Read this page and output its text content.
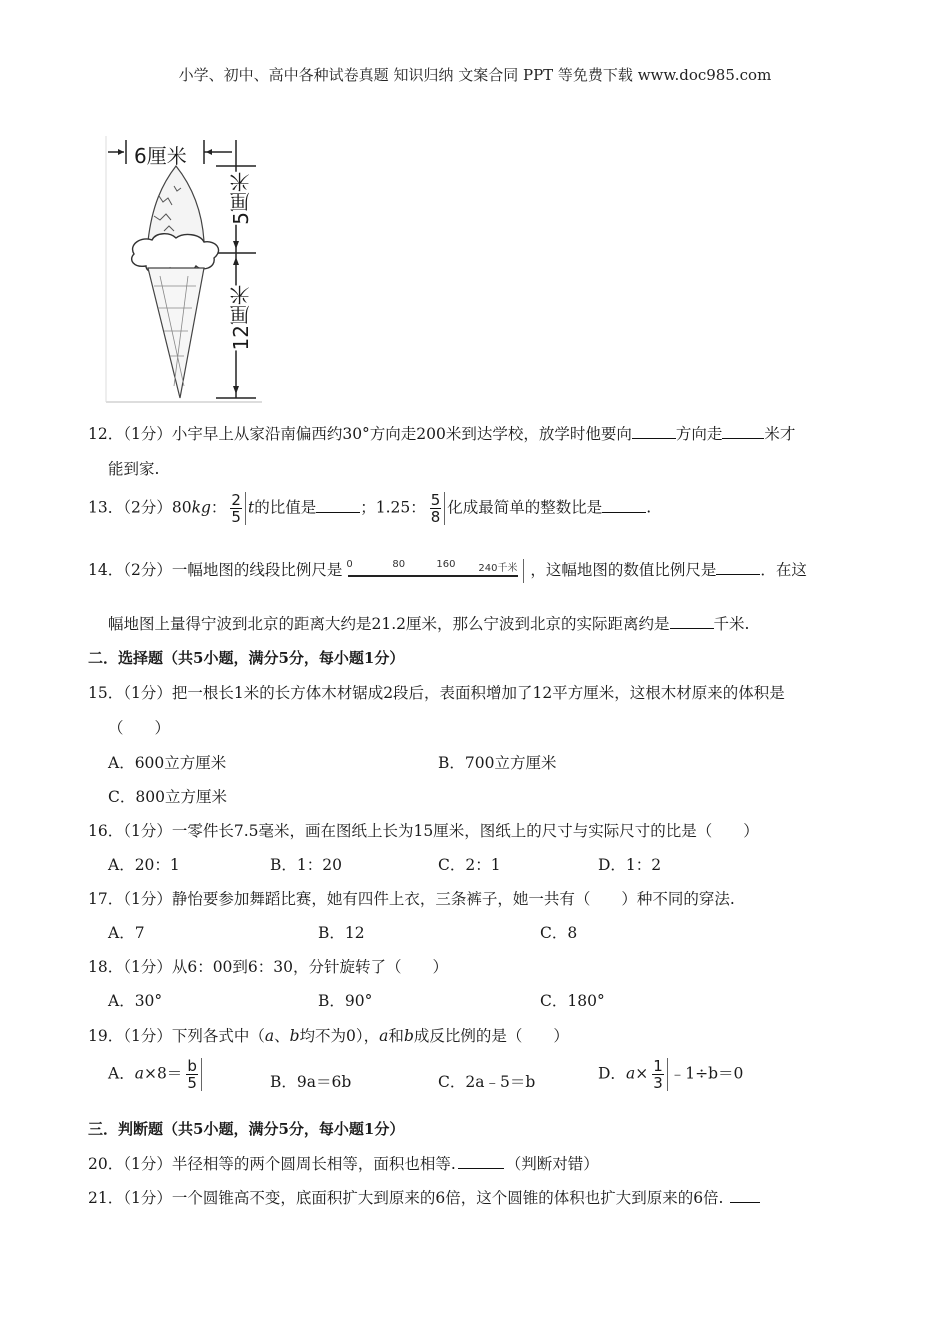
小学、初中、高中各种试卷真题 知识归纳 文案合同 PPT 等免费下载 www.doc985.com
6厘米
5厘米
12厘米
12．（1分）小宇早上从家沿南偏西约30°方向走200米到达学校，放学时他要向	方向走	米才
能到家.
13．（2分）80kg： $\frac{2}{5}$ t的比值是	；1.25： $\frac{5}{8}$ 化成最简单的整数比是	.
14．（2分）一幅地图的线段比例尺是 0	80	160 240千米 ，这幅地图的数值比例尺是	．在这
幅地图上量得宁波到北京的距离大约是21.2厘米，那么宁波到北京的实际距离约是	千米.
二．选择题（共5小题，满分5分，每小题1分）
15．（1分）把一根长1米的长方体木材锯成2段后，表面积增加了12平方厘米，这根木材原来的体积是
（　　）
A．600立方厘米	B．700立方厘米
C．800立方厘米
16．（1分）一零件长7.5毫米，画在图纸上长为15厘米，图纸上的尺寸与实际尺寸的比是（　　）
A．20：1	B．1：20	C．2：1	D．1：2
17．（1分）静怡要参加舞蹈比赛，她有四件上衣，三条裤子，她一共有（　　）种不同的穿法.
A．7	B．12	C．8
18．（1分）从6：00到6：30，分针旋转了（　　）
A．30°	B．90°	C．180°
19．（1分）下列各式中（a、b均不为0），a和b成反比例的是（　　）
A．$a\times 8= \frac{b}{5}$	B．9a＝6b	C．2a﹣5＝b	D．$a\times \frac{1}{3}$ ﹣1÷b＝0
三．判断题（共5小题，满分5分，每小题1分）
20．（1分）半径相等的两个圆周长相等，面积也相等.	（判断对错）
21．（1分）一个圆锥高不变，底面积扩大到原来的6倍，这个圆锥的体积也扩大到原来的6倍.
